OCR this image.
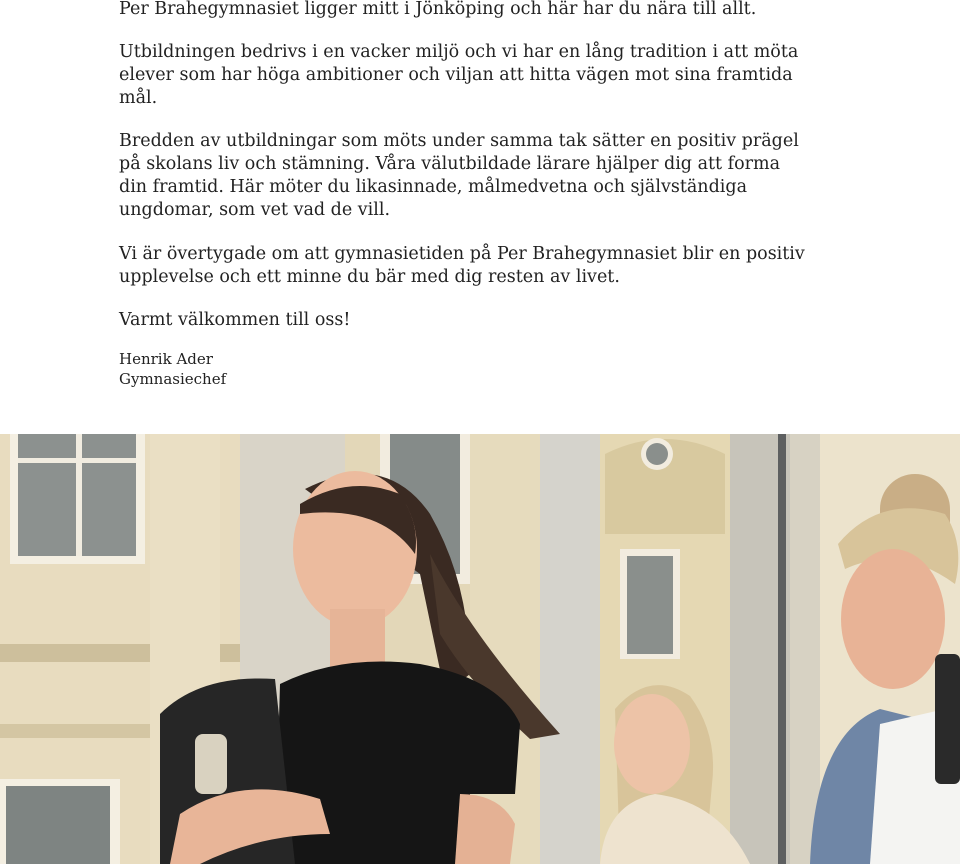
Per Brahegymnasiet ligger mitt i Jönköping och här har du nära till allt.

Utbildningen bedrivs i en vacker miljö och vi har en lång tradition i att möta elever som har höga ambitioner och viljan att hitta vägen mot sina framtida mål.

Bredden av utbildningar som möts under samma tak sätter en positiv prägel på skolans liv och stämning. Våra välutbildade lärare hjälper dig att forma din framtid. Här möter du likasinnade, målmedvetna och självständiga ungdomar, som vet vad de vill.

Vi är övertygade om att gymnasietiden på Per Brahegymnasiet blir en positiv upplevelse och ett minne du bär med dig resten av livet.

Varmt välkommen till oss!

Henrik Ader
Gymnasiechef
